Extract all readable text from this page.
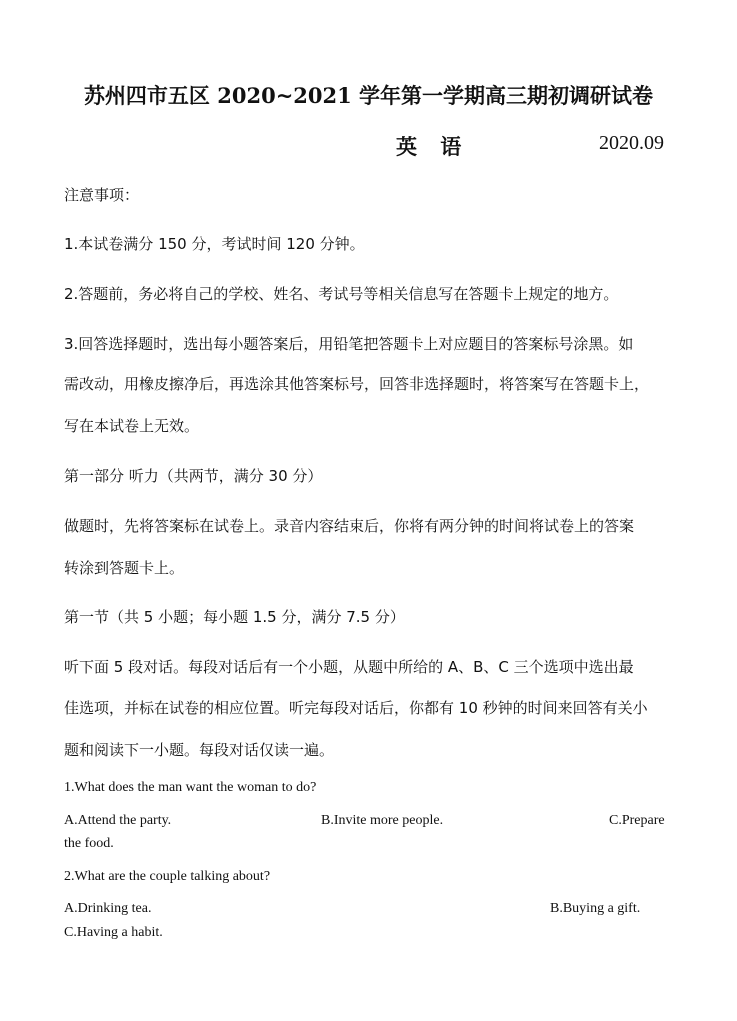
苏州四市五区 2020~2021 学年第一学期高三期初调研试卷
英 语	2020.09
注意事项：
1.本试卷满分 150 分，考试时间 120 分钟。
2.答题前，务必将自己的学校、姓名、考试号等相关信息写在答题卡上规定的地方。
3.回答选择题时，选出每小题答案后，用铅笔把答题卡上对应题目的答案标号涂黑。如
需改动，用橡皮擦净后，再选涂其他答案标号，回答非选择题时，将答案写在答题卡上，
写在本试卷上无效。
第一部分 听力（共两节，满分 30 分）
做题时，先将答案标在试卷上。录音内容结束后，你将有两分钟的时间将试卷上的答案
转涂到答题卡上。
第一节（共 5 小题；每小题 1.5 分，满分 7.5 分）
听下面 5 段对话。每段对话后有一个小题，从题中所给的 A、B、C 三个选项中选出最
佳选项，并标在试卷的相应位置。听完每段对话后，你都有 10 秒钟的时间来回答有关小
题和阅读下一小题。每段对话仅读一遍。
1.What does the man want the woman to do?
A.Attend the party.	B.Invite more people.	C.Prepare
the food.
2.What are the couple talking about?
A.Drinking tea.	B.Buying a gift.
C.Having a habit.
